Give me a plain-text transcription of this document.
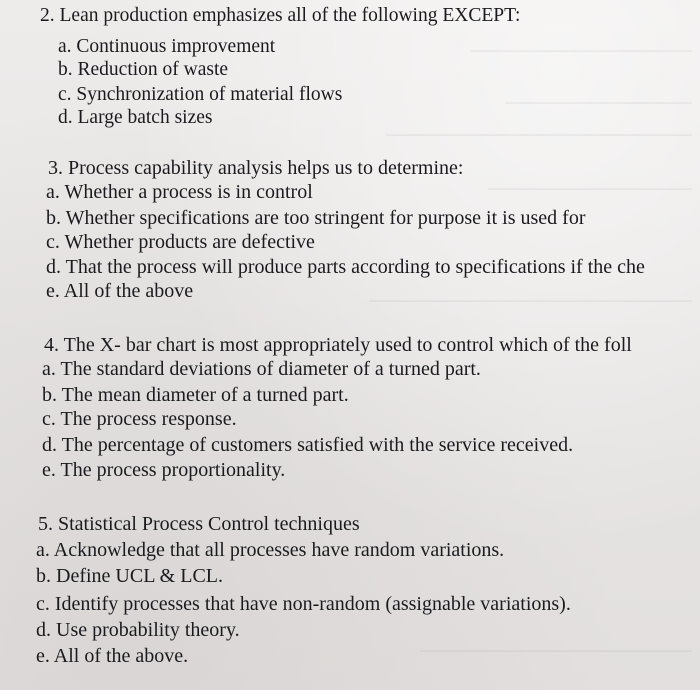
—————————————
———————————
——————————————————
————————————
———————————————————
————————————————
2. Lean production emphasizes all of the following EXCEPT:
a. Continuous improvement
b. Reduction of waste
c. Synchronization of material flows
d. Large batch sizes
3. Process capability analysis helps us to determine:
a. Whether a process is in control
b. Whether specifications are too stringent for purpose it is used for
c. Whether products are defective
d. That the process will produce parts according to specifications if the che
e. All of the above
4. The X- bar chart is most appropriately used to control which of the foll
a. The standard deviations of diameter of a turned part.
b. The mean diameter of a turned part.
c. The process response.
d. The percentage of customers satisfied with the service received.
e. The process proportionality.
5. Statistical Process Control techniques
a. Acknowledge that all processes have random variations.
b. Define UCL & LCL.
c. Identify processes that have non-random (assignable variations).
d. Use probability theory.
e. All of the above.
